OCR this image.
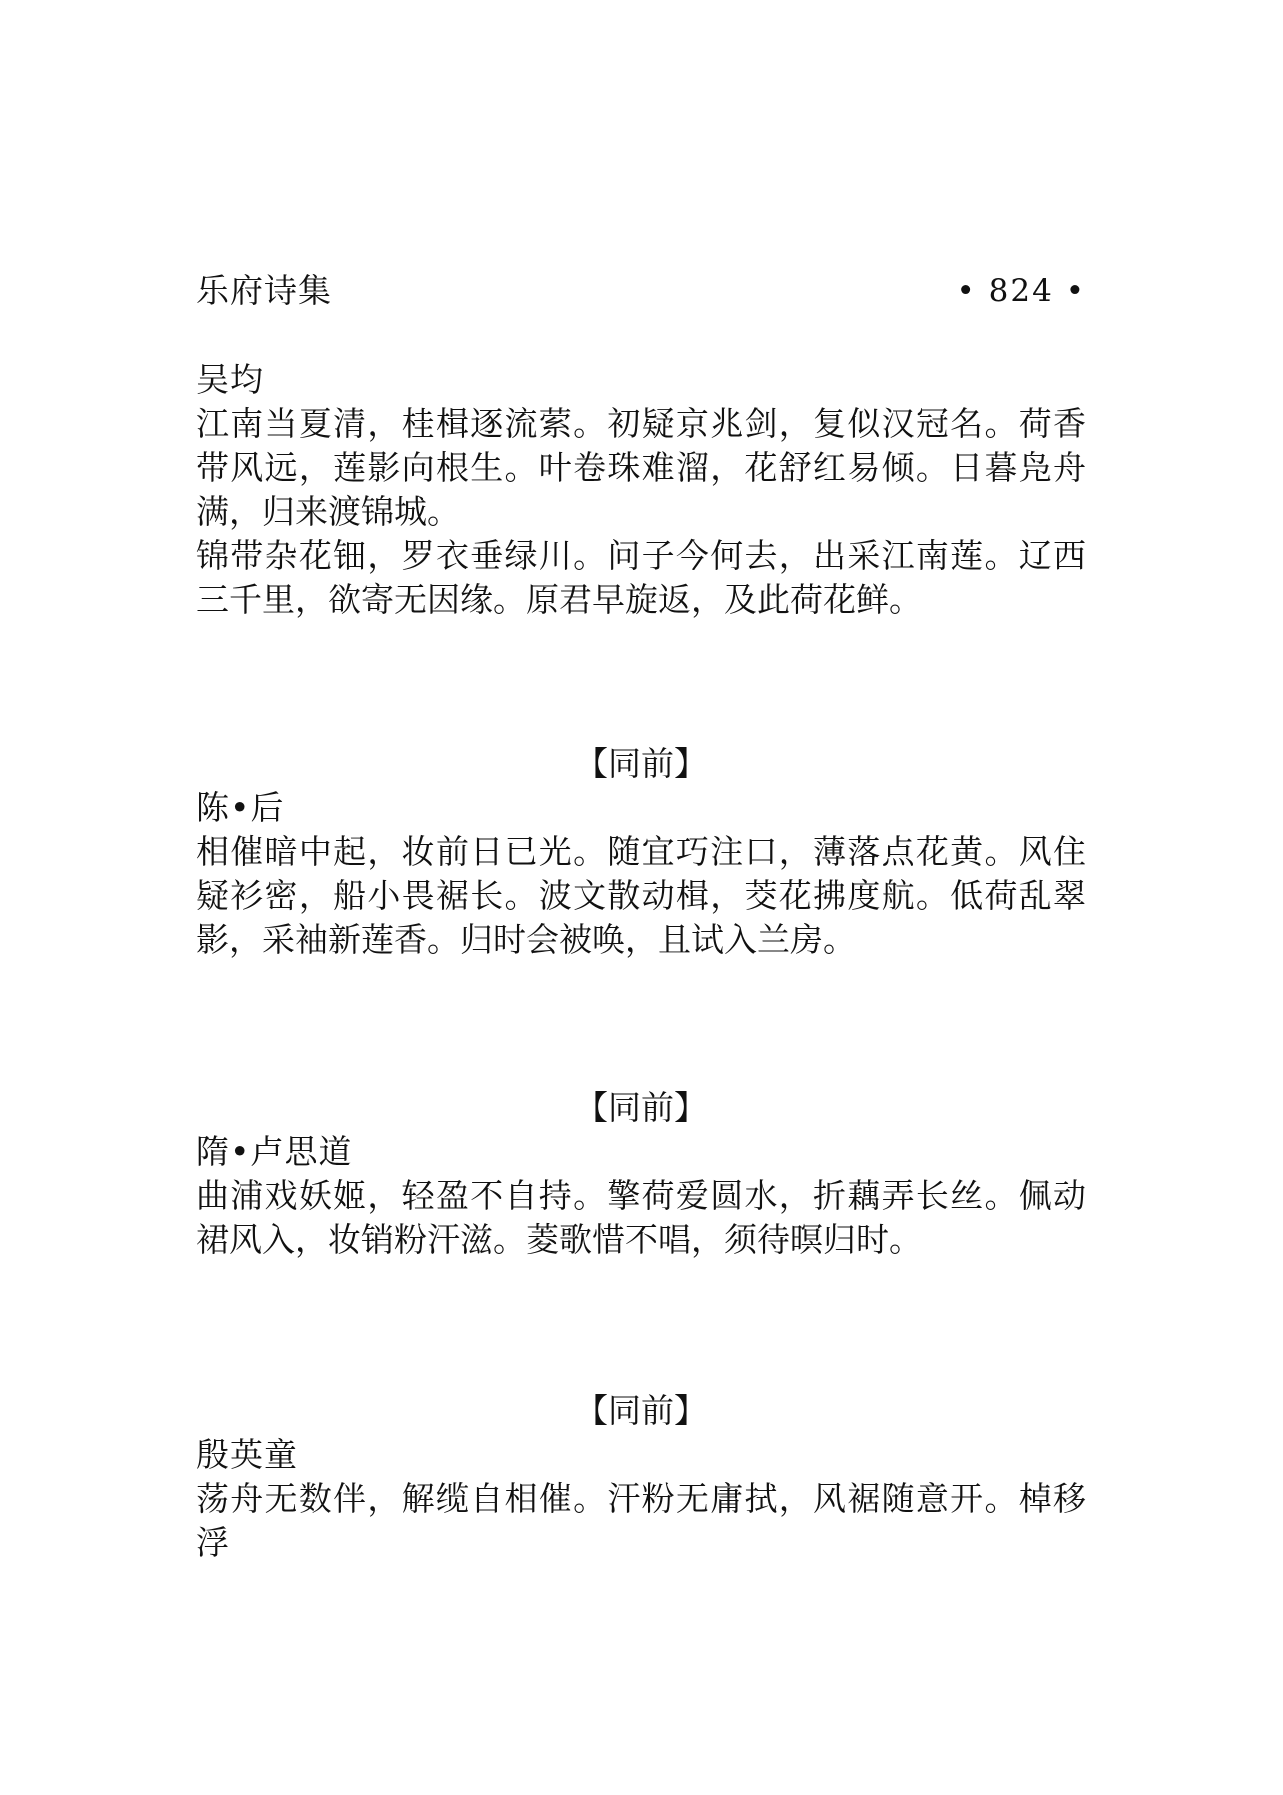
乐府诗集	• 824 •
吴均

江南当夏清，桂楫逐流萦。初疑京兆剑，复似汉冠名。荷香带风远，莲影向根生。叶卷珠难溜，花舒红易倾。日暮凫舟满，归来渡锦城。

锦带杂花钿，罗衣垂绿川。问子今何去，出采江南莲。辽西三千里，欲寄无因缘。原君早旋返，及此荷花鲜。

【同前】
陈•后

相催暗中起，妆前日已光。随宜巧注口，薄落点花黄。风住疑衫密，船小畏裾长。波文散动楫，茭花拂度航。低荷乱翠影，采袖新莲香。归时会被唤，且试入兰房。

【同前】
隋•卢思道

曲浦戏妖姬，轻盈不自持。擎荷爱圆水，折藕弄长丝。佩动裙风入，妆销粉汗滋。菱歌惜不唱，须待暝归时。

【同前】
殷英童

荡舟无数伴，解缆自相催。汗粉无庸拭，风裾随意开。棹移浮
